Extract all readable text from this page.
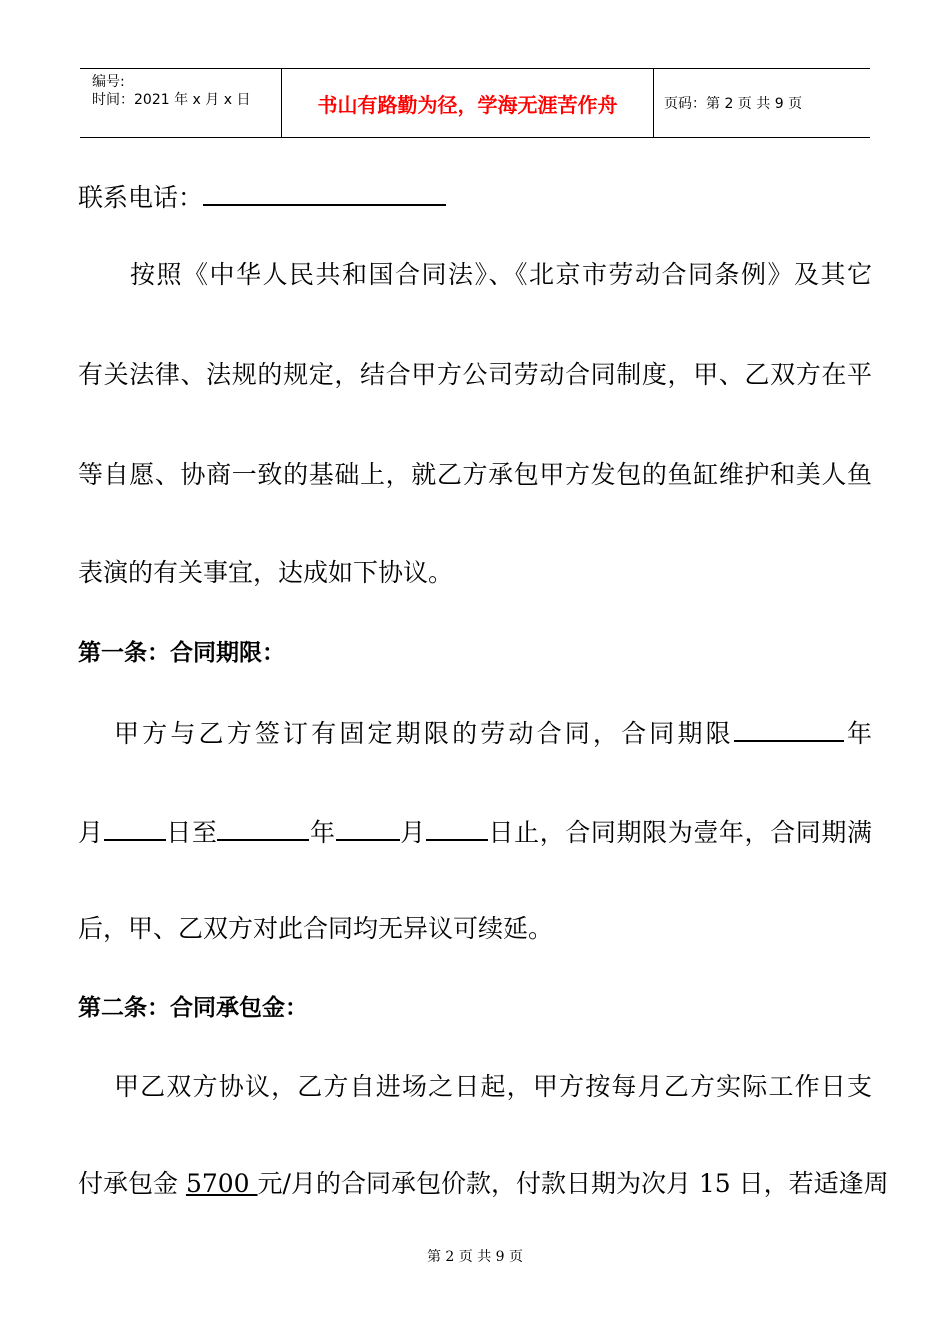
编号:
时间：2021 年 x 月 x 日	书山有路勤为径，学海无涯苦作舟	页码：第 2 页 共 9 页
联系电话：
按照《中华人民共和国合同法》、《北京市劳动合同条例》及其它
有关法律、法规的规定，结合甲方公司劳动合同制度，甲、乙双方在平
等自愿、协商一致的基础上，就乙方承包甲方发包的鱼缸维护和美人鱼
表演的有关事宜，达成如下协议。
第一条：合同期限：
甲方与乙方签订有固定期限的劳动合同，合同期限	年
月 日至	年	月 日止，合同期限为壹年，合同期满
后，甲、乙双方对此合同均无异议可续延。
第二条：合同承包金：
甲乙双方协议，乙方自进场之日起，甲方按每月乙方实际工作日支
付承包金 5700 元/月的合同承包价款，付款日期为次月 15 日，若适逢周
第 2 页 共 9 页
